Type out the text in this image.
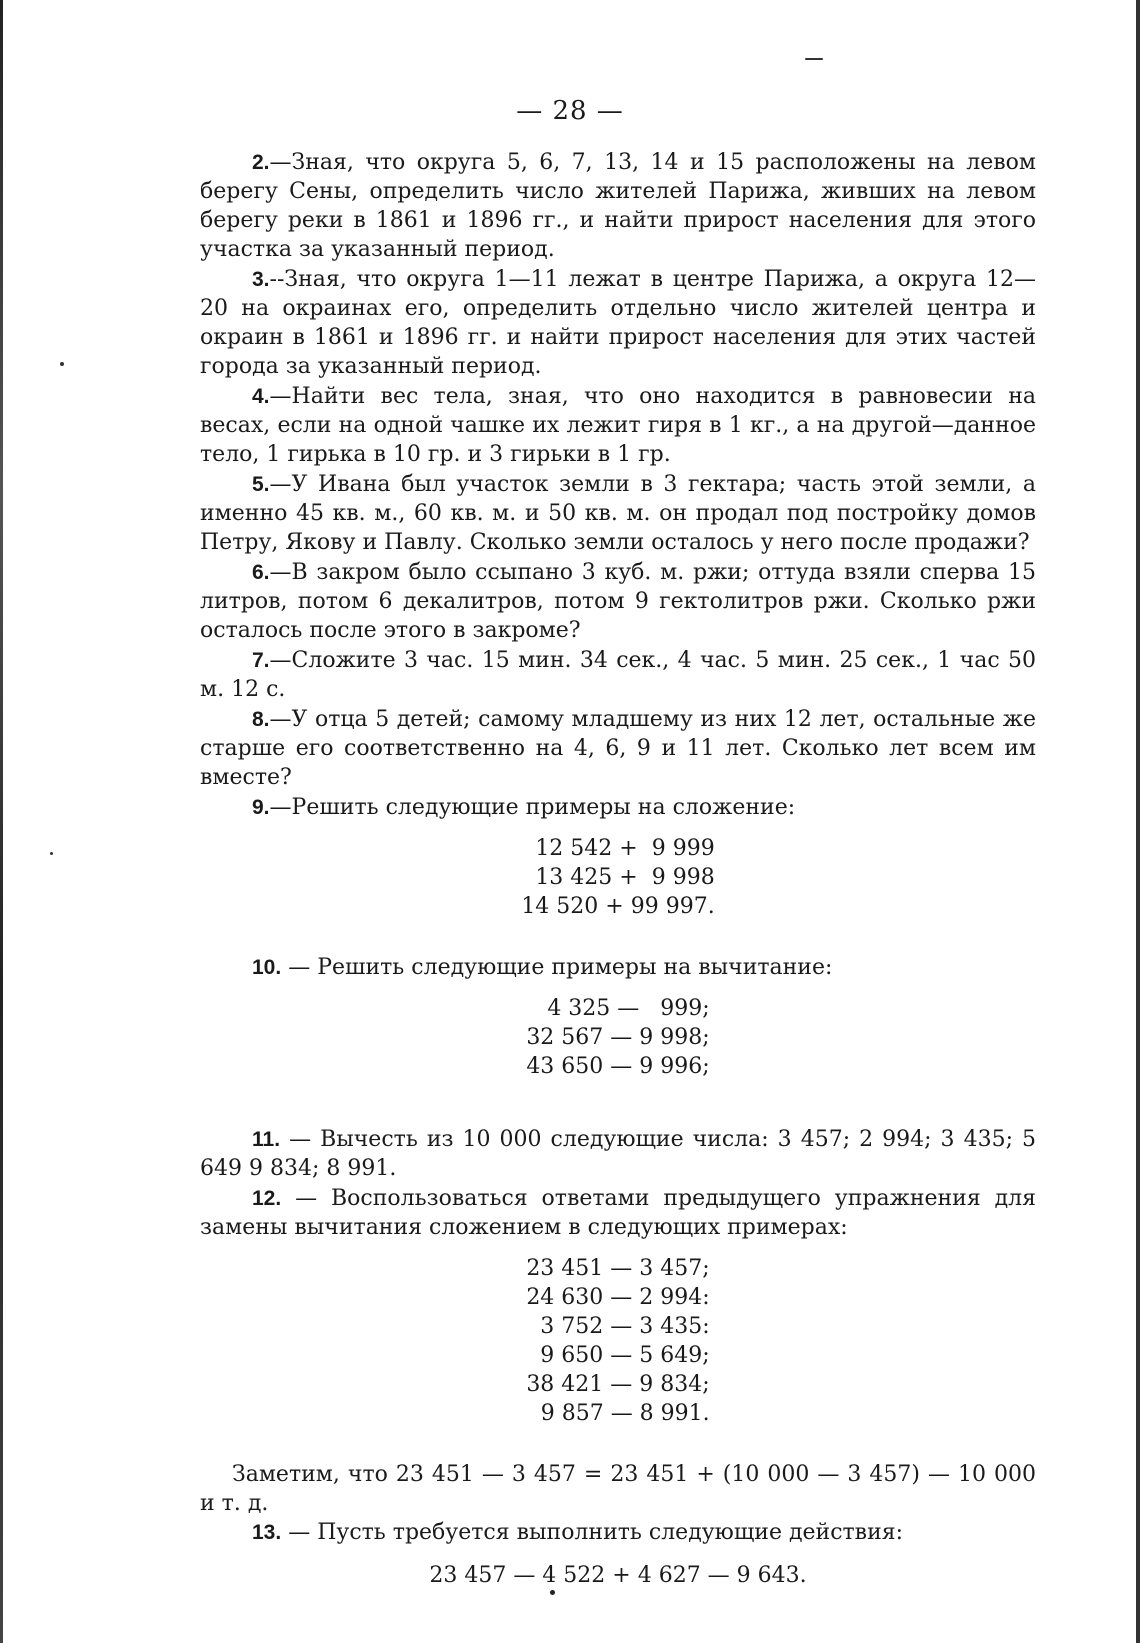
— 28 —

2.—Зная, что округа 5, 6, 7, 13, 14 и 15 расположены на левом берегу Сены, определить число жителей Парижа, живших на левом берегу реки в 1861 и 1896 гг., и найти прирост населения для этого участка за указанный период.

3.--Зная, что округа 1—11 лежат в центре Парижа, а округа 12—20 на окраинах его, определить отдельно число жителей центра и окраин в 1861 и 1896 гг. и найти прирост населения для этих частей города за указанный период.

4.—Найти вес тела, зная, что оно находится в равновесии на весах, если на одной чашке их лежит гиря в 1 кг., а на другой—данное тело, 1 гирька в 10 гр. и 3 гирьки в 1 гр.

5.—У Ивана был участок земли в 3 гектара; часть этой земли, а именно 45 кв. м., 60 кв. м. и 50 кв. м. он продал под постройку домов Петру, Якову и Павлу. Сколько земли осталось у него после продажи?

6.—В закром было ссыпано 3 куб. м. ржи; оттуда взяли сперва 15 литров, потом 6 декалитров, потом 9 гектолитров ржи. Сколько ржи осталось после этого в закроме?

7.—Сложите 3 час. 15 мин. 34 сек., 4 час. 5 мин. 25 сек., 1 час 50 м. 12 с.

8.—У отца 5 детей; самому младшему из них 12 лет, остальные же старше его соответственно на 4, 6, 9 и 11 лет. Сколько лет всем им вместе?

9.—Решить следующие примеры на сложение:

12 542 +  9 999
13 425 +  9 998
14 520 + 99 997.

10. — Решить следующие примеры на вычитание:

4 325 —   999;
32 567 — 9 998;
43 650 — 9 996;

11. — Вычесть из 10 000 следующие числа: 3 457; 2 994; 3 435; 5 649 9 834; 8 991.

12. — Воспользоваться ответами предыдущего упражнения для замены вычитания сложением в следующих примерах:

23 451 — 3 457;
24 630 — 2 994:
3 752 — 3 435:
9 650 — 5 649;
38 421 — 9 834;
9 857 — 8 991.

Заметим, что 23 451 — 3 457 = 23 451 + (10 000 — 3 457) — 10 000 и т. д.

13. — Пусть требуется выполнить следующие действия:

23 457 — 4 522 + 4 627 — 9 643.
